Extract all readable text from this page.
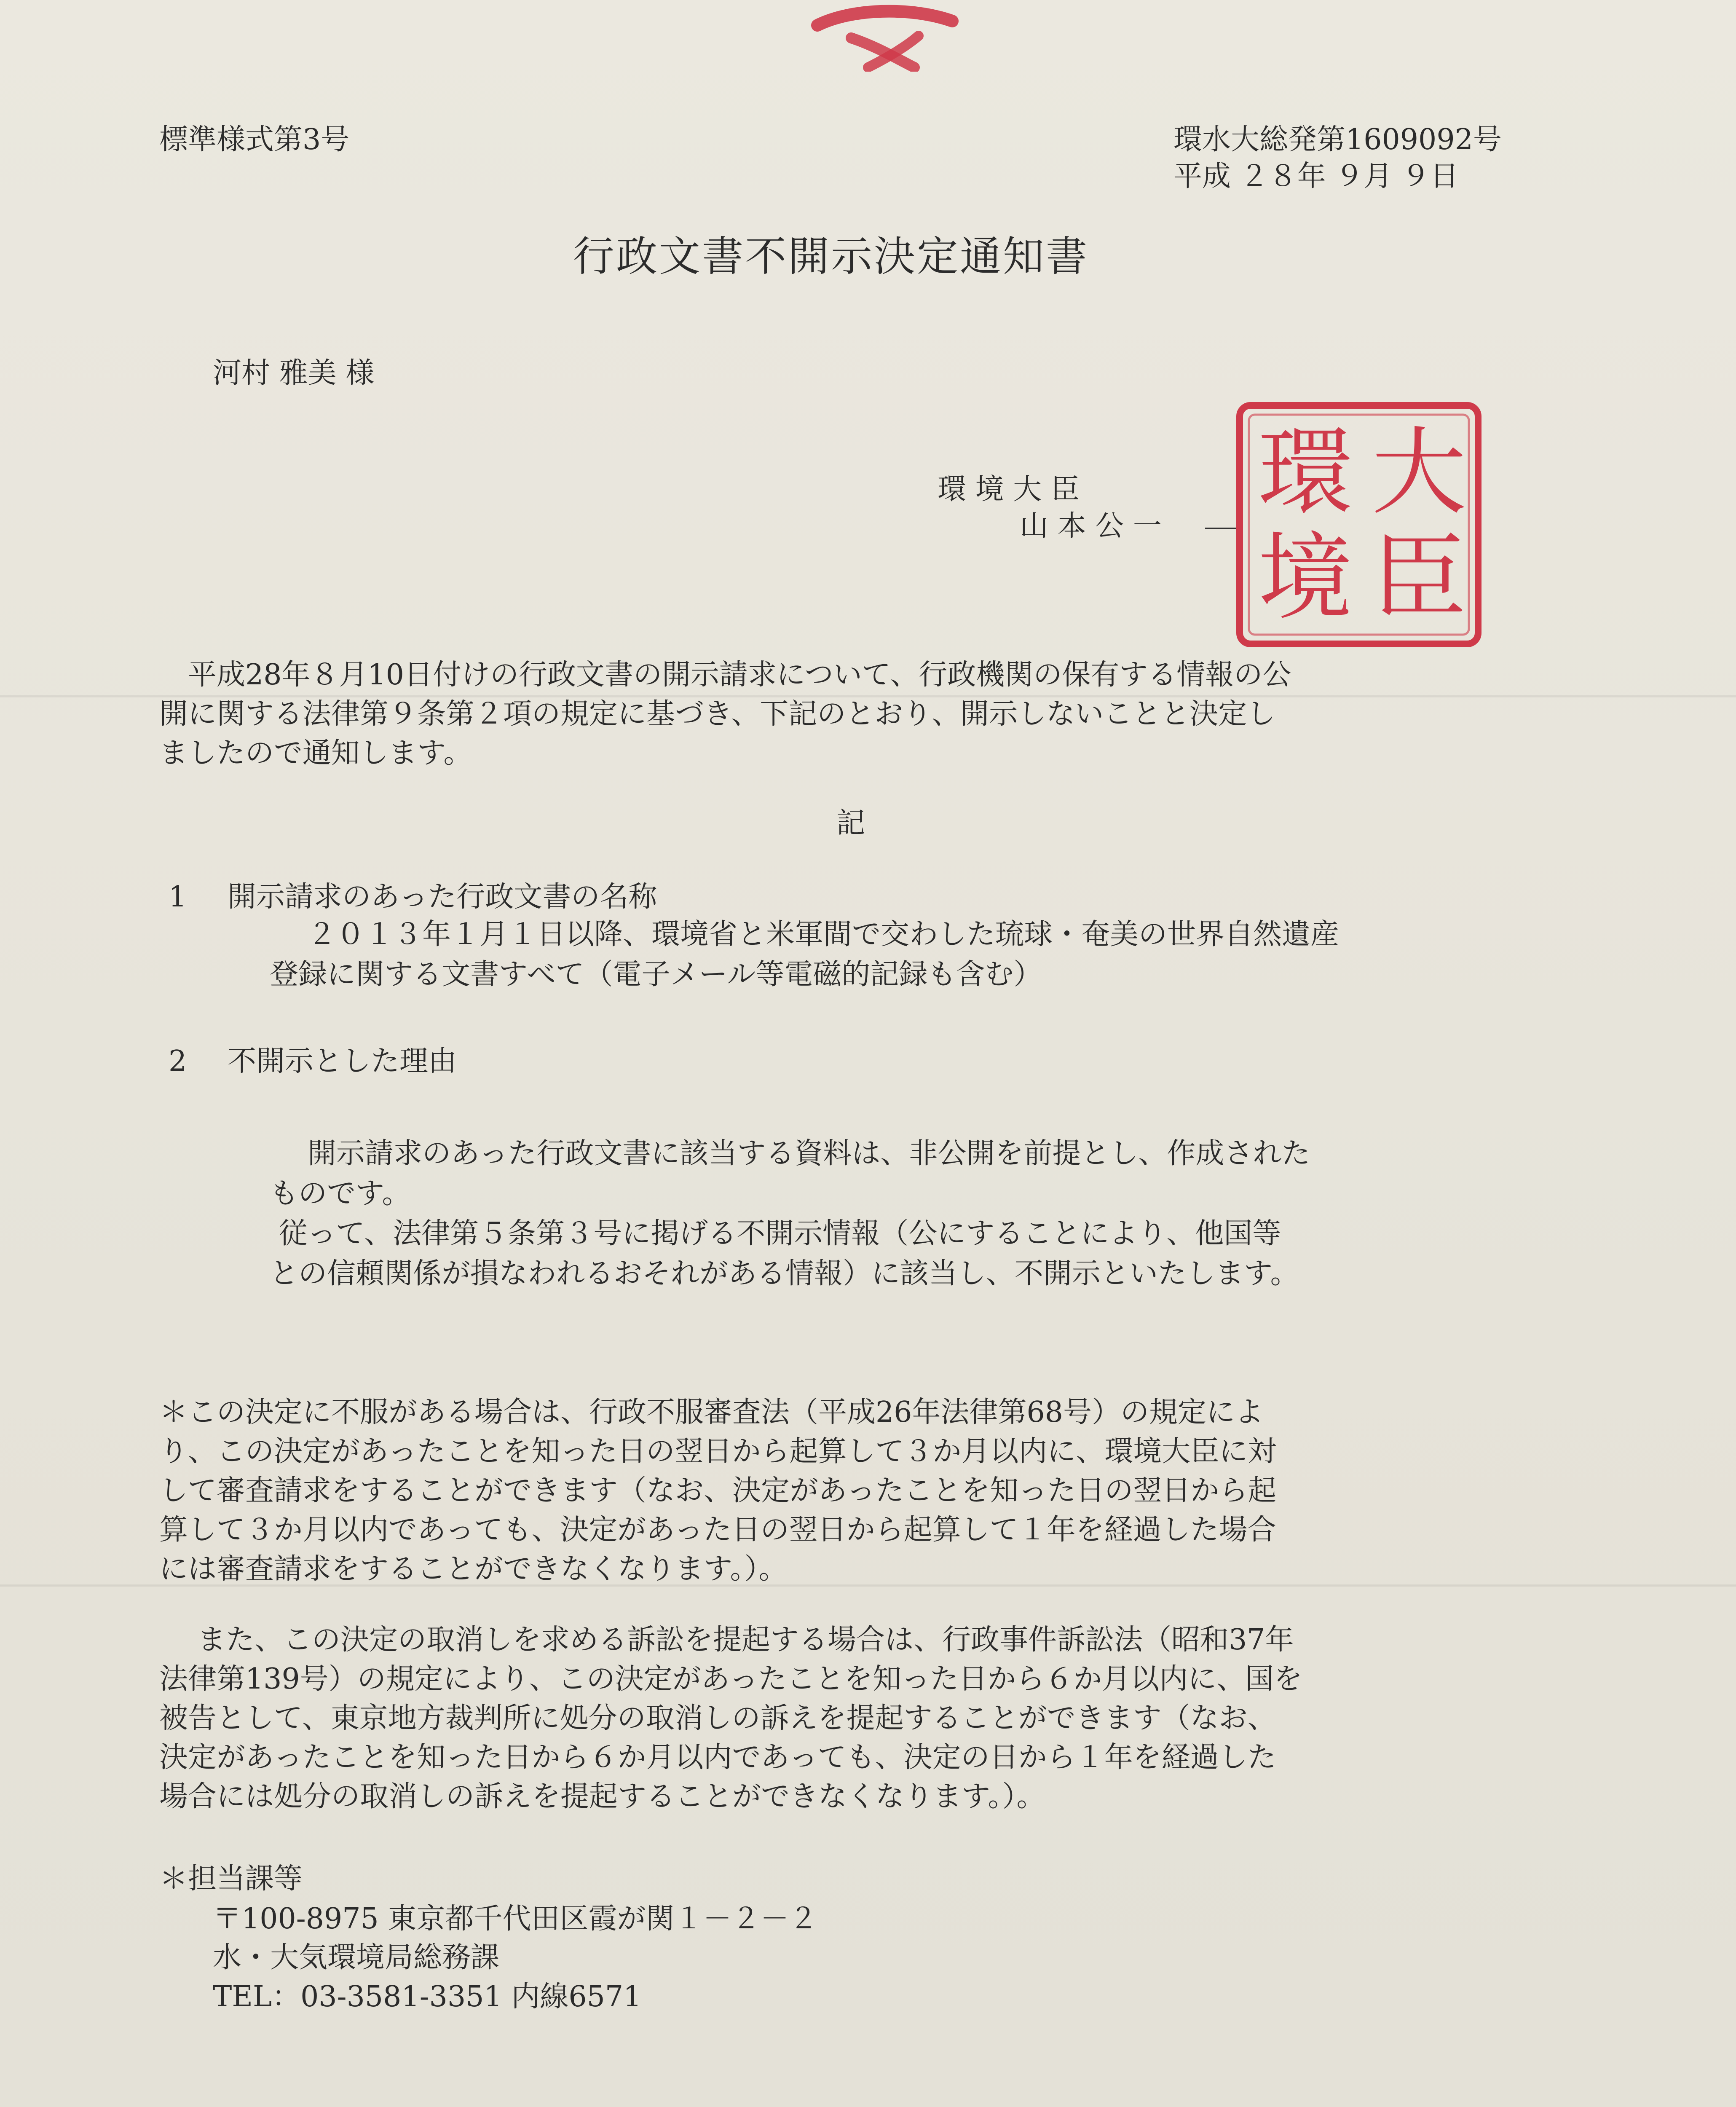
標準様式第3号	環水大総発第1609092号
平成 ２８年 ９月 ９日
行政文書不開示決定通知書
河村 雅美 様
環 境 大 臣
山 本 公 一 大
臣
環
境
平成28年８月10日付けの行政文書の開示請求について、行政機関の保有する情報の公
開に関する法律第９条第２項の規定に基づき、下記のとおり、開示しないことと決定し
ましたので通知します。
記
1 開示請求のあった行政文書の名称
２０１３年１月１日以降、環境省と米軍間で交わした琉球・奄美の世界自然遺産
登録に関する文書すべて（電子メール等電磁的記録も含む）
2 不開示とした理由
開示請求のあった行政文書に該当する資料は、非公開を前提とし、作成された
ものです。
従って、法律第５条第３号に掲げる不開示情報（公にすることにより、他国等
との信頼関係が損なわれるおそれがある情報）に該当し、不開示といたします。
＊この決定に不服がある場合は、行政不服審査法（平成26年法律第68号）の規定によ
り、この決定があったことを知った日の翌日から起算して３か月以内に、環境大臣に対
して審査請求をすることができます（なお、決定があったことを知った日の翌日から起
算して３か月以内であっても、決定があった日の翌日から起算して１年を経過した場合
には審査請求をすることができなくなります。）。
また、この決定の取消しを求める訴訟を提起する場合は、行政事件訴訟法（昭和37年
法律第139号）の規定により、この決定があったことを知った日から６か月以内に、国を
被告として、東京地方裁判所に処分の取消しの訴えを提起することができます（なお、
決定があったことを知った日から６か月以内であっても、決定の日から１年を経過した
場合には処分の取消しの訴えを提起することができなくなります。）。
＊担当課等
〒100-8975 東京都千代田区霞が関１－２－２
水・大気環境局総務課
TEL：03-3581-3351 内線6571
